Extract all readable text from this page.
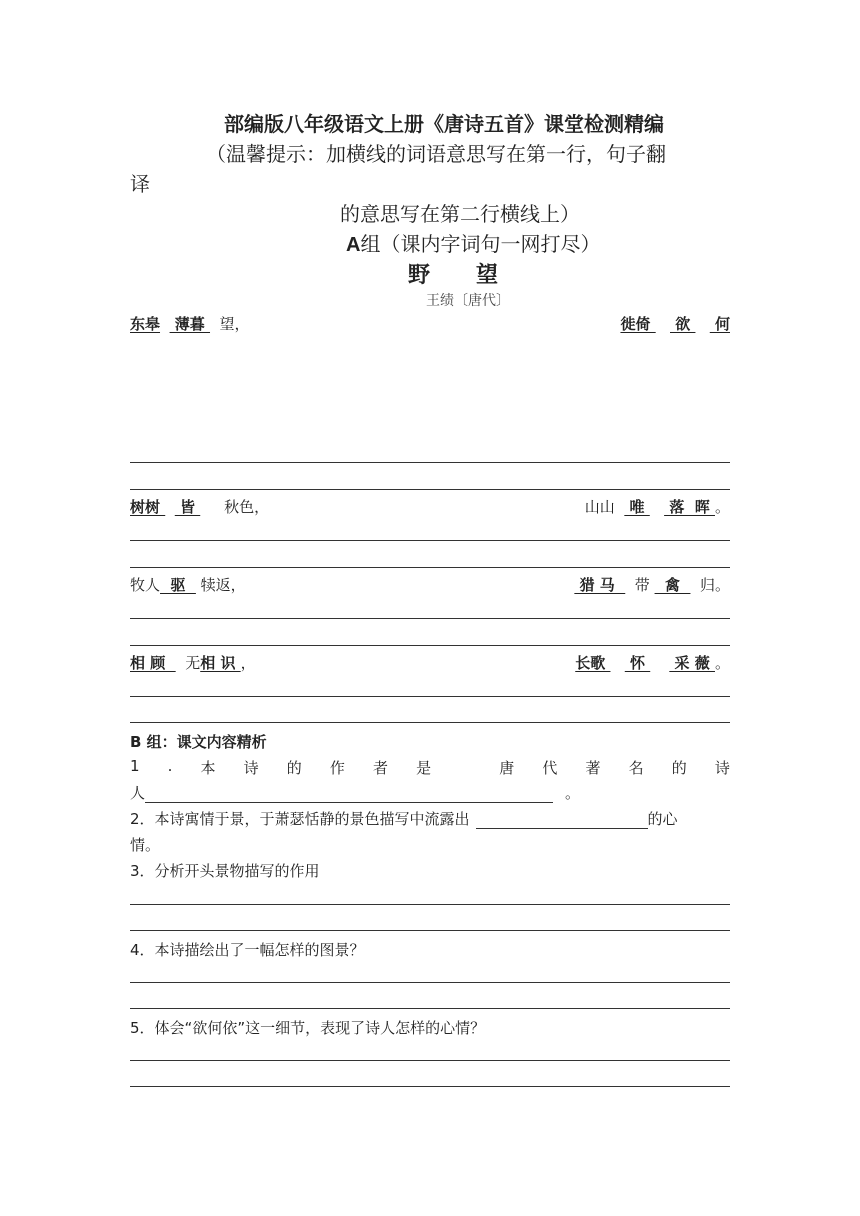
部编版八年级语文上册《唐诗五首》课堂检测精编
（温馨提示：加横线的词语意思写在第一行，句子翻
译
的意思写在第二行横线上）
A组（课内字词句一网打尽）
野 望
王绩〔唐代〕
东皋   薄暮   望，	徙倚     欲     何
树树    皆      秋色，	山山   唯     落  晖 。
牧人  驱   犊返，	猎 马    带   禽    归。
相 顾    无相 识 ，	长歌     怀      采 薇 。
B 组：课文内容精析
1 . 本 诗 的 作 者 是	唐 代 著 名 的 诗
人	。
2．本诗寓情于景，于萧瑟恬静的景色描写中流露出	的心
情。
3．分析开头景物描写的作用
4．本诗描绘出了一幅怎样的图景？
5．体会“欲何依”这一细节，表现了诗人怎样的心情？
